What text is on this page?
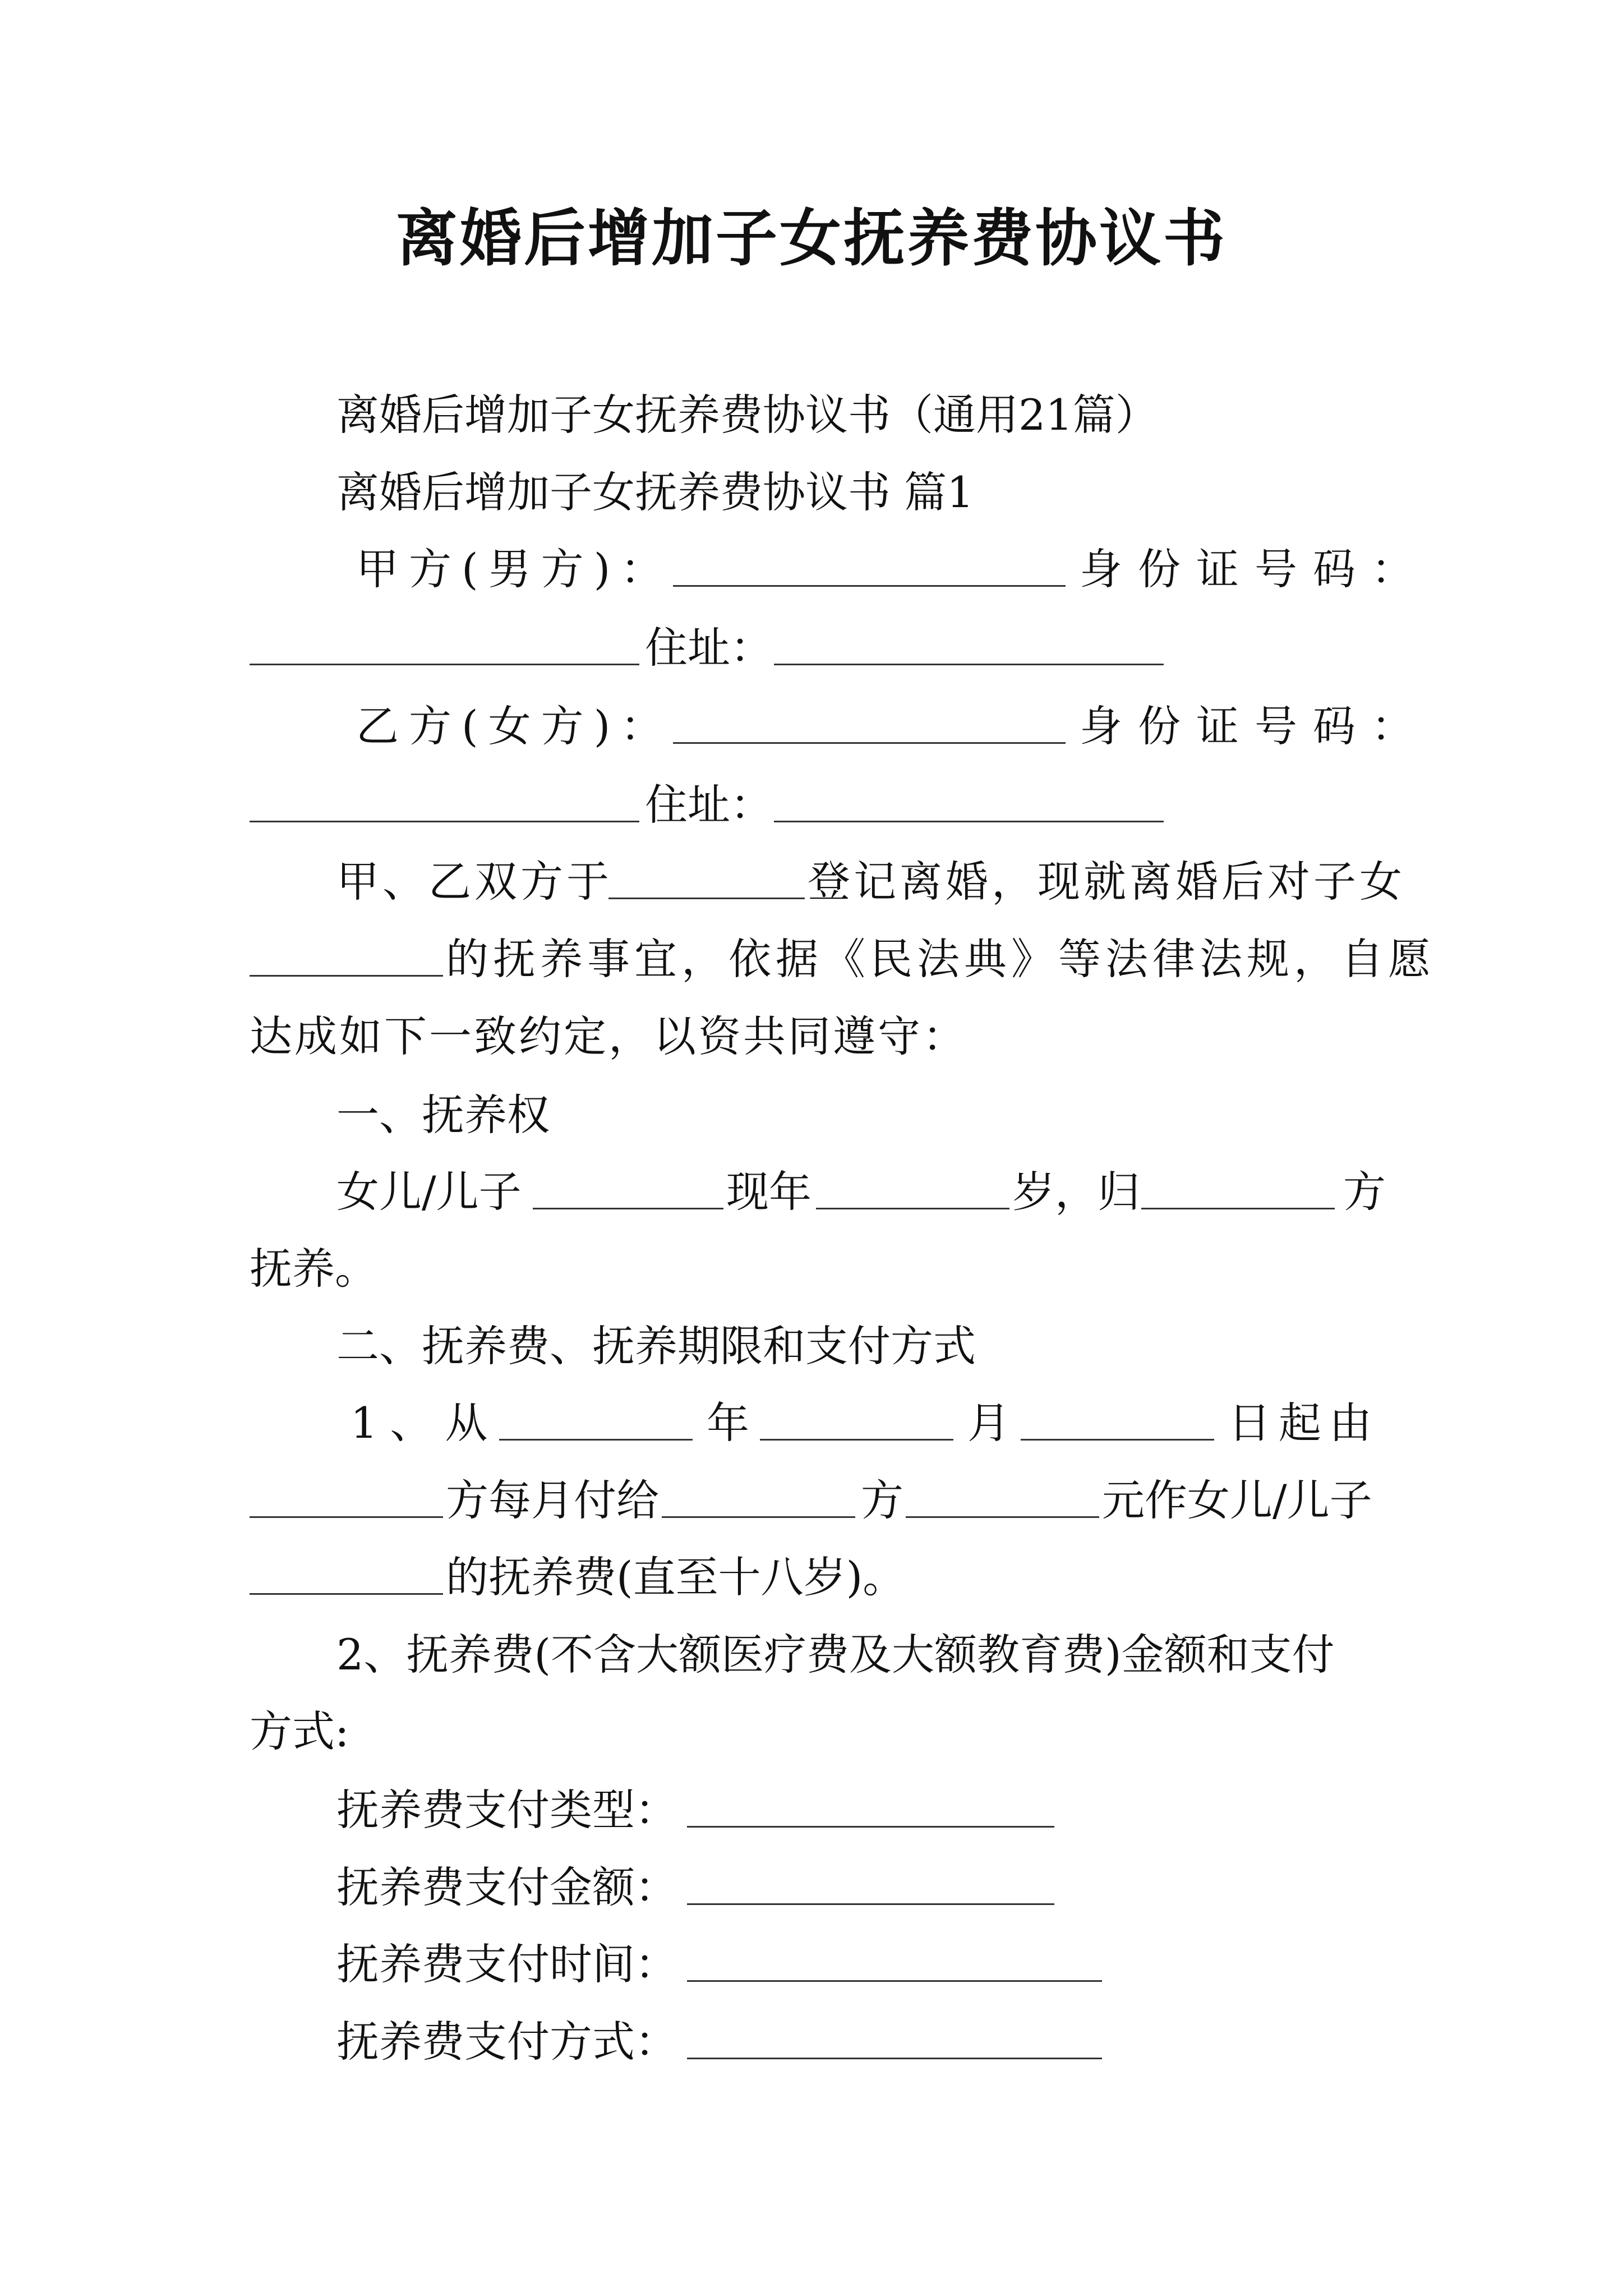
离婚后增加子女抚养费协议书
离婚后增加子女抚养费协议书（通用21篇）
离婚后增加子女抚养费协议书 篇1
甲方(男方)：	身份证号码：
住址：
乙方(女方)：	身份证号码：
住址：
甲、乙双方于	登记离婚，现就离婚后对子女
的抚养事宜，依据《民法典》等法律法规，自愿
达成如下一致约定，以资共同遵守：
一、抚养权
女儿/儿子	现年	岁，归	方
抚养。
二、抚养费、抚养期限和支付方式
1、从	年	月	日起由
方每月付给	方	元作女儿/儿子
的抚养费(直至十八岁)。
2、抚养费(不含大额医疗费及大额教育费)金额和支付
方式:
抚养费支付类型：
抚养费支付金额：
抚养费支付时间：
抚养费支付方式：
